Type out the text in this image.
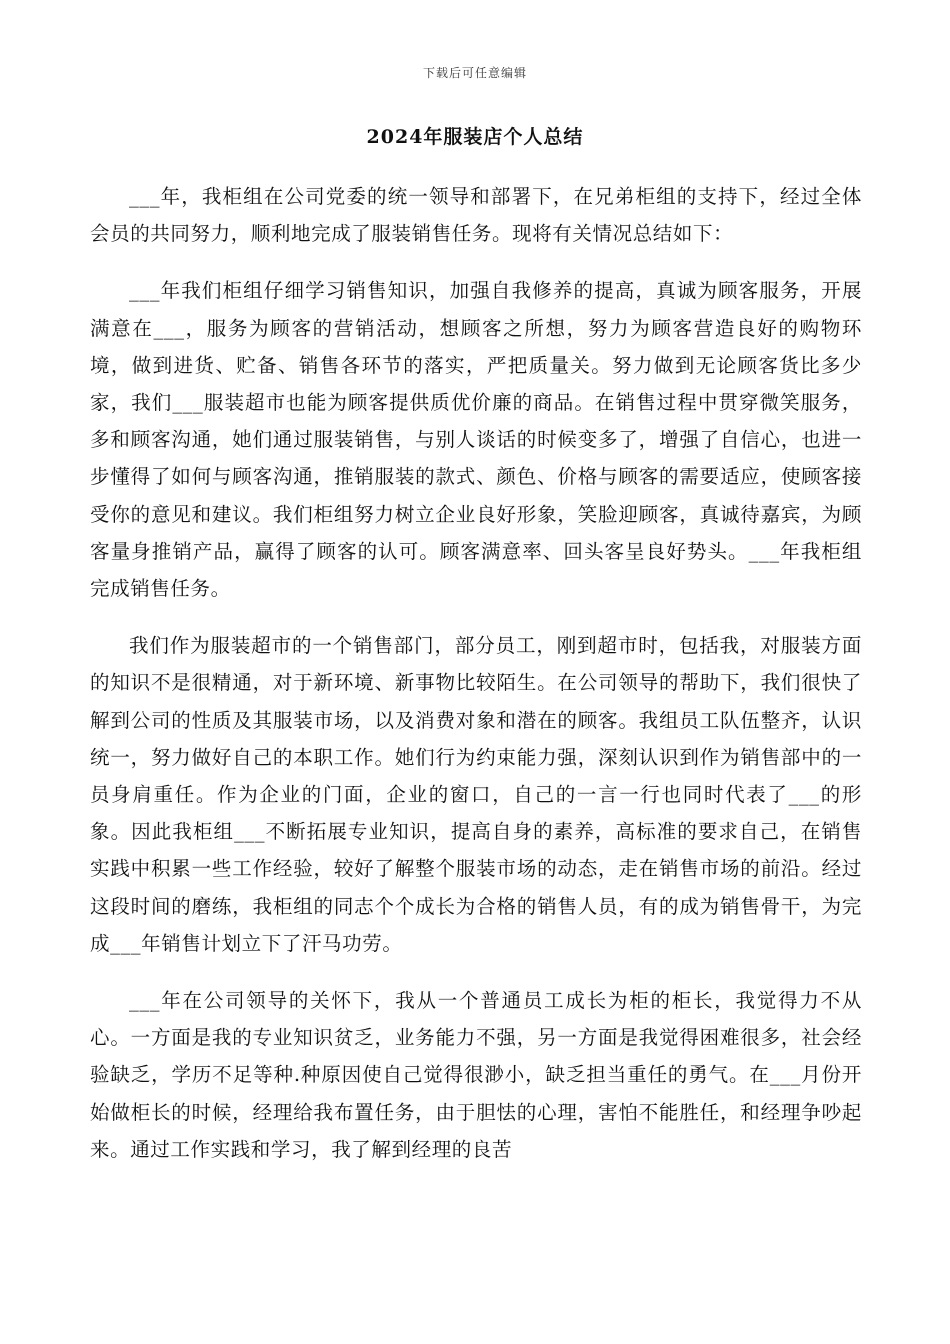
下载后可任意编辑
2024年服装店个人总结

___年，我柜组在公司党委的统一领导和部署下，在兄弟柜组的支持下，经过全体会员的共同努力，顺利地完成了服装销售任务。现将有关情况总结如下：

___年我们柜组仔细学习销售知识，加强自我修养的提高，真诚为顾客服务，开展满意在___，服务为顾客的营销活动，想顾客之所想，努力为顾客营造良好的购物环境，做到进货、贮备、销售各环节的落实，严把质量关。努力做到无论顾客货比多少家，我们___服装超市也能为顾客提供质优价廉的商品。在销售过程中贯穿微笑服务，多和顾客沟通，她们通过服装销售，与别人谈话的时候变多了，增强了自信心，也进一步懂得了如何与顾客沟通，推销服装的款式、颜色、价格与顾客的需要适应，使顾客接受你的意见和建议。我们柜组努力树立企业良好形象，笑脸迎顾客，真诚待嘉宾，为顾客量身推销产品，赢得了顾客的认可。顾客满意率、回头客呈良好势头。___年我柜组完成销售任务。

我们作为服装超市的一个销售部门，部分员工，刚到超市时，包括我，对服装方面的知识不是很精通，对于新环境、新事物比较陌生。在公司领导的帮助下，我们很快了解到公司的性质及其服装市场，以及消费对象和潜在的顾客。我组员工队伍整齐，认识统一，努力做好自己的本职工作。她们行为约束能力强，深刻认识到作为销售部中的一员身肩重任。作为企业的门面，企业的窗口，自己的一言一行也同时代表了___的形象。因此我柜组___不断拓展专业知识，提高自身的素养，高标准的要求自己，在销售实践中积累一些工作经验，较好了解整个服装市场的动态，走在销售市场的前沿。经过这段时间的磨练，我柜组的同志个个成长为合格的销售人员，有的成为销售骨干，为完成___年销售计划立下了汗马功劳。

___年在公司领导的关怀下，我从一个普通员工成长为柜的柜长，我觉得力不从心。一方面是我的专业知识贫乏，业务能力不强，另一方面是我觉得困难很多，社会经验缺乏，学历不足等种.种原因使自己觉得很渺小，缺乏担当重任的勇气。在___月份开始做柜长的时候，经理给我布置任务，由于胆怯的心理，害怕不能胜任，和经理争吵起来。通过工作实践和学习，我了解到经理的良苦
